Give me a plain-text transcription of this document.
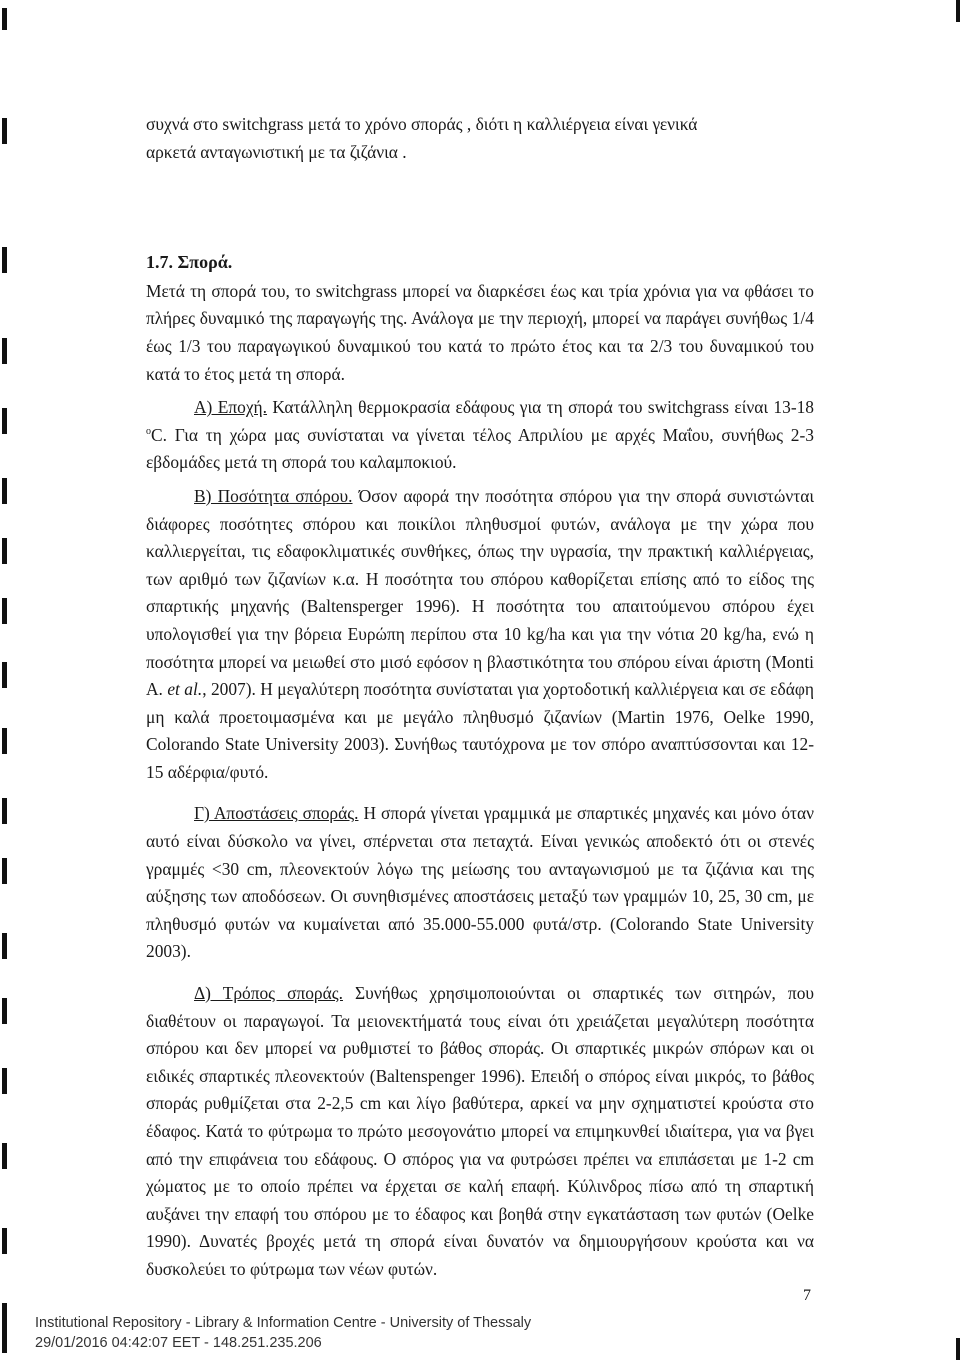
συχνά στο switchgrass μετά το χρόνο σποράς , διότι η καλλιέργεια είναι γενικά

αρκετά ανταγωνιστική με τα ζιζάνια .

1.7. Σπορά.

Μετά τη σπορά του, το switchgrass μπορεί να διαρκέσει έως και τρία χρόνια για να φθάσει το πλήρες δυναμικό της παραγωγής της. Ανάλογα με την περιοχή, μπορεί να παράγει συνήθως 1/4 έως 1/3 του παραγωγικού δυναμικού του κατά το πρώτο έτος και τα 2/3 του δυναμικού του κατά το έτος μετά τη σπορά.

Α) Εποχή. Κατάλληλη θερμοκρασία εδάφους για τη σπορά του switchgrass είναι 13-18 $^o$C. Για τη χώρα μας συνίσταται να γίνεται τέλος Απριλίου με αρχές Μαΐου, συνήθως 2-3 εβδομάδες μετά τη σπορά του καλαμποκιού.

Β) Ποσότητα σπόρου. Όσον αφορά την ποσότητα σπόρου για την σπορά συνιστώνται διάφορες ποσότητες σπόρου και ποικίλοι πληθυσμοί φυτών, ανάλογα με την χώρα που καλλιεργείται, τις εδαφοκλιματικές συνθήκες, όπως την υγρασία, την πρακτική καλλιέργειας, των αριθμό των ζιζανίων κ.α. Η ποσότητα του σπόρου καθορίζεται επίσης από το είδος της σπαρτικής μηχανής (Baltensperger 1996). Η ποσότητα του απαιτούμενου σπόρου έχει υπολογισθεί για την βόρεια Ευρώπη περίπου στα 10 kg/ha και για την νότια 20 kg/ha, ενώ η ποσότητα μπορεί να μειωθεί στο μισό εφόσον η βλαστικότητα του σπόρου είναι άριστη (Monti A. et al., 2007). Η μεγαλύτερη ποσότητα συνίσταται για χορτοδοτική καλλιέργεια και σε εδάφη μη καλά προετοιμασμένα και με μεγάλο πληθυσμό ζιζανίων (Martin 1976, Oelke 1990, Colorando State University 2003). Συνήθως ταυτόχρονα με τον σπόρο αναπτύσσονται και 12-15 αδέρφια/φυτό.

Γ) Αποστάσεις σποράς. Η σπορά γίνεται γραμμικά με σπαρτικές μηχανές και μόνο όταν αυτό είναι δύσκολο να γίνει, σπέρνεται στα πεταχτά. Είναι γενικώς αποδεκτό ότι οι στενές γραμμές <30 cm, πλεονεκτούν λόγω της μείωσης του ανταγωνισμού με τα ζιζάνια και της αύξησης των αποδόσεων. Οι συνηθισμένες αποστάσεις μεταξύ των γραμμών 10, 25, 30 cm, με πληθυσμό φυτών να κυμαίνεται από 35.000-55.000 φυτά/στρ. (Colorando State University 2003).

Δ) Τρόπος σποράς. Συνήθως χρησιμοποιούνται οι σπαρτικές των σιτηρών, που διαθέτουν οι παραγωγοί. Τα μειονεκτήματά τους είναι ότι χρειάζεται μεγαλύτερη ποσότητα σπόρου και δεν μπορεί να ρυθμιστεί το βάθος σποράς. Οι σπαρτικές μικρών σπόρων και οι ειδικές σπαρτικές πλεονεκτούν (Baltenspenger 1996). Επειδή ο σπόρος είναι μικρός, το βάθος σποράς ρυθμίζεται στα 2-2,5 cm και λίγο βαθύτερα, αρκεί να μην σχηματιστεί κρούστα στο έδαφος. Κατά το φύτρωμα το πρώτο μεσογονάτιο μπορεί να επιμηκυνθεί ιδιαίτερα, για να βγει από την επιφάνεια του εδάφους. Ο σπόρος για να φυτρώσει πρέπει να επιπάσεται με 1-2 cm χώματος με το οποίο πρέπει να έρχεται σε καλή επαφή. Κύλινδρος πίσω από τη σπαρτική αυξάνει την επαφή του σπόρου με το έδαφος και βοηθά στην εγκατάσταση των φυτών (Oelke 1990). Δυνατές βροχές μετά τη σπορά είναι δυνατόν να δημιουργήσουν κρούστα και να δυσκολεύει το φύτρωμα των νέων φυτών.

7
Institutional Repository - Library & Information Centre - University of Thessaly
29/01/2016 04:42:07 EET - 148.251.235.206
